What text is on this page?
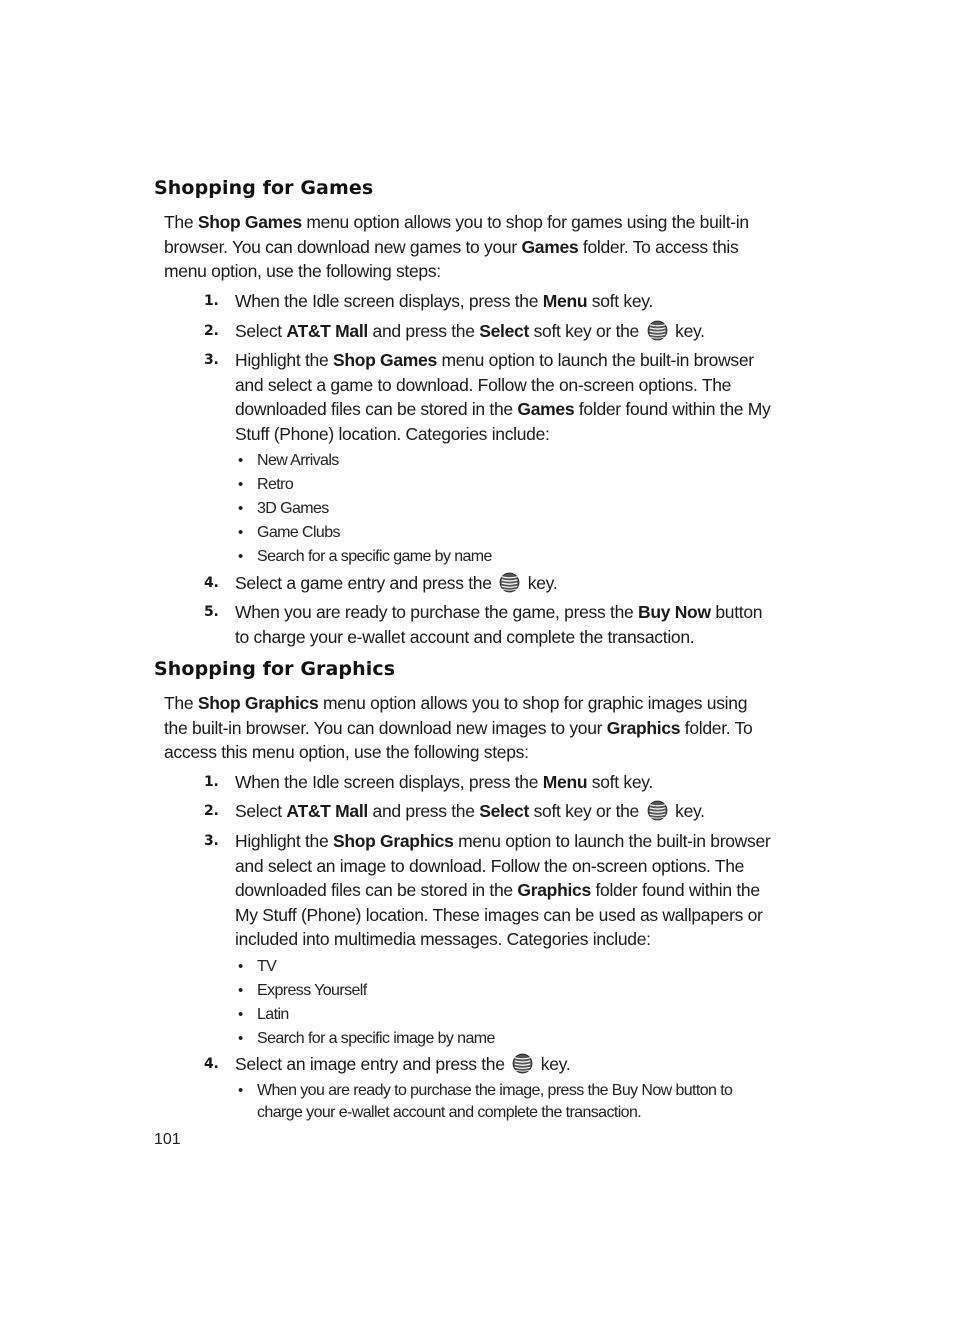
Shopping for Games

The Shop Games menu option allows you to shop for games using the built-in browser. You can download new games to your Games folder. To access this menu option, use the following steps:

1. When the Idle screen displays, press the Menu soft key.
2. Select AT&T Mall and press the Select soft key or the  key.
3. Highlight the Shop Games menu option to launch the built-in browser and select a game to download. Follow the on-screen options. The downloaded files can be stored in the Games folder found within the My Stuff (Phone) location. Categories include:
• New Arrivals
• Retro
• 3D Games
• Game Clubs
• Search for a specific game by name
4. Select a game entry and press the  key.
5. When you are ready to purchase the game, press the Buy Now button to charge your e-wallet account and complete the transaction.
Shopping for Graphics

The Shop Graphics menu option allows you to shop for graphic images using the built-in browser. You can download new images to your Graphics folder. To access this menu option, use the following steps:

1. When the Idle screen displays, press the Menu soft key.
2. Select AT&T Mall and press the Select soft key or the  key.
3. Highlight the Shop Graphics menu option to launch the built-in browser and select an image to download. Follow the on-screen options. The downloaded files can be stored in the Graphics folder found within the My Stuff (Phone) location. These images can be used as wallpapers or included into multimedia messages. Categories include:
• TV
• Express Yourself
• Latin
• Search for a specific image by name
4. Select an image entry and press the  key.
• When you are ready to purchase the image, press the Buy Now button to charge your e-wallet account and complete the transaction.
101
